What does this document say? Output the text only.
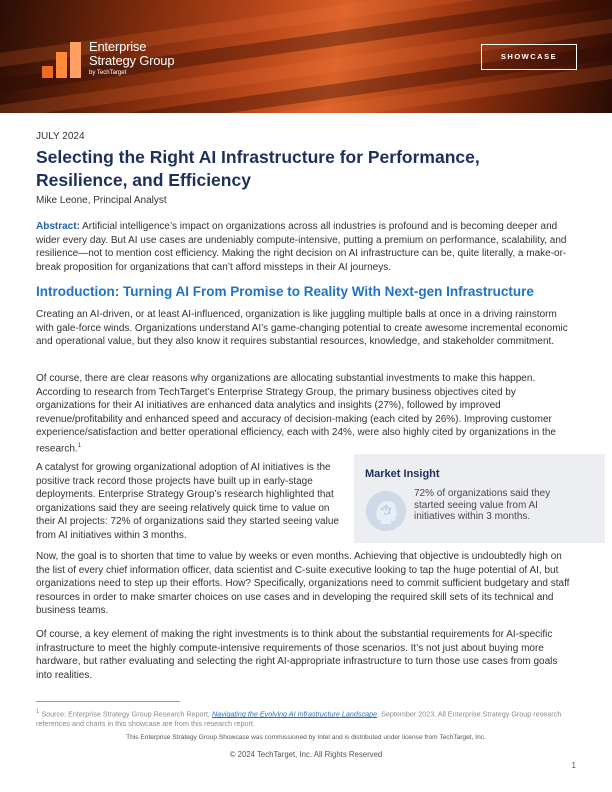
Enterprise
Strategy Group
by TechTarget
SHOWCASE
JULY 2024
Selecting the Right AI Infrastructure for Performance, Resilience, and Efficiency
Mike Leone, Principal Analyst

Abstract: Artificial intelligence’s impact on organizations across all industries is profound and is becoming deeper and wider every day. But AI use cases are undeniably compute-intensive, putting a premium on performance, scalability, and resilience—not to mention cost efficiency. Making the right decision on AI infrastructure can be, quite literally, a make-or-break proposition for organizations that can’t afford missteps in their AI journeys.

Introduction: Turning AI From Promise to Reality With Next-gen Infrastructure

Creating an AI-driven, or at least AI-influenced, organization is like juggling multiple balls at once in a driving rainstorm with gale-force winds. Organizations understand AI’s game-changing potential to create awesome incremental economic and operational value, but they also know it requires substantial resources, knowledge, and stakeholder commitment.

Of course, there are clear reasons why organizations are allocating substantial investments to make this happen. According to research from TechTarget’s Enterprise Strategy Group, the primary business objectives cited by organizations for their AI initiatives are enhanced data analytics and insights (27%), followed by improved revenue/profitability and enhanced speed and accuracy of decision-making (each cited by 26%). Improving customer experience/satisfaction and better operational efficiency, each with 24%, were also highly cited by organizations in the research.$^1$

A catalyst for growing organizational adoption of AI initiatives is the positive track record those projects have built up in early-stage deployments. Enterprise Strategy Group’s research highlighted that organizations said they are seeing relatively quick time to value on their AI projects: 72% of organizations said they started seeing value from AI initiatives within 3 months.

Market Insight
72% of organizations said they started seeing value from AI initiatives within 3 months.

Now, the goal is to shorten that time to value by weeks or even months. Achieving that objective is undoubtedly high on the list of every chief information officer, data scientist and C-suite executive looking to tap the huge potential of AI, but organizations need to step up their efforts. How? Specifically, organizations need to commit sufficient budgetary and staff resources in order to make smarter choices on use cases and in developing the required skill sets of its technical and business teams.

Of course, a key element of making the right investments is to think about the substantial requirements for AI-specific infrastructure to meet the highly compute-intensive requirements of those scenarios. It’s not just about buying more hardware, but rather evaluating and selecting the right AI-appropriate infrastructure to turn those use cases from goals into realities.

$^1$ Source: Enterprise Strategy Group Research Report, Navigating the Evolving AI Infrastructure Landscape, September 2023. All Enterprise Strategy Group research references and charts in this showcase are from this research report.

This Enterprise Strategy Group Showcase was commissioned by Intel and is distributed under license from TechTarget, Inc.
© 2024 TechTarget, Inc. All Rights Reserved
1
